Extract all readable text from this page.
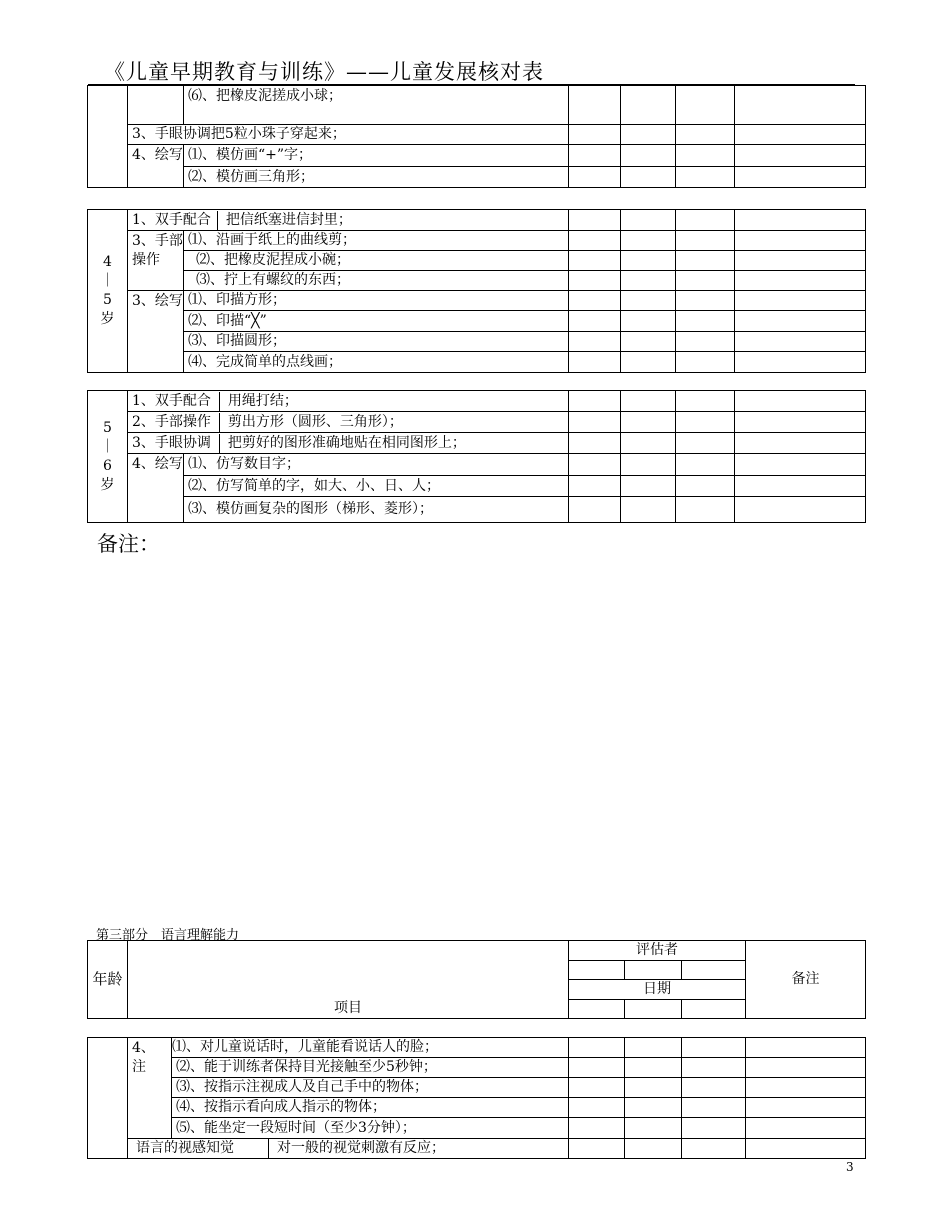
《儿童早期教育与训练》——儿童发展核对表
		⑹、把橡皮泥搓成小球；				
	3、手眼协调把5粒小珠子穿起来；					
	4、绘写	⑴、模仿画“+”字；				
		⑵、模仿画三角形；				
4
｜
5
岁	1、双手配合 把信纸塞进信封里；					

	3、手部操作	⑴、沿画于纸上的曲线剪；				
		⑵、把橡皮泥捏成小碗；				
		⑶、拧上有螺纹的东西；				
	3、绘写	⑴、印描方形；				
		⑵、印描“╳”				
		⑶、印描圆形；				
		⑷、完成简单的点线画；				
5
｜
6
岁	1、双手配合 用绳打结；					

	2、手部操作 剪出方形（圆形、三角形）；					

	3、手眼协调 把剪好的图形准确地贴在相同图形上；					

	4、绘写	⑴、仿写数目字；				
		⑵、仿写简单的字，如大、小、日、人；				
		⑶、模仿画复杂的图形（梯形、菱形）；				
备注：
第三部分　语言理解能力
年龄	项目	评估者			备注

		日期			

	4、 注	⑴、对儿童说话时，儿童能看说话人的脸；					
		⑵、能于训练者保持目光接触至少5秒钟；					
		⑶、按指示注视成人及自己手中的物体；					
		⑷、按指示看向成人指示的物体；					
		⑸、能坐定一段短时间（至少3分钟）；					
	语言的视感知觉		对一般的视觉刺激有反应；				
3
